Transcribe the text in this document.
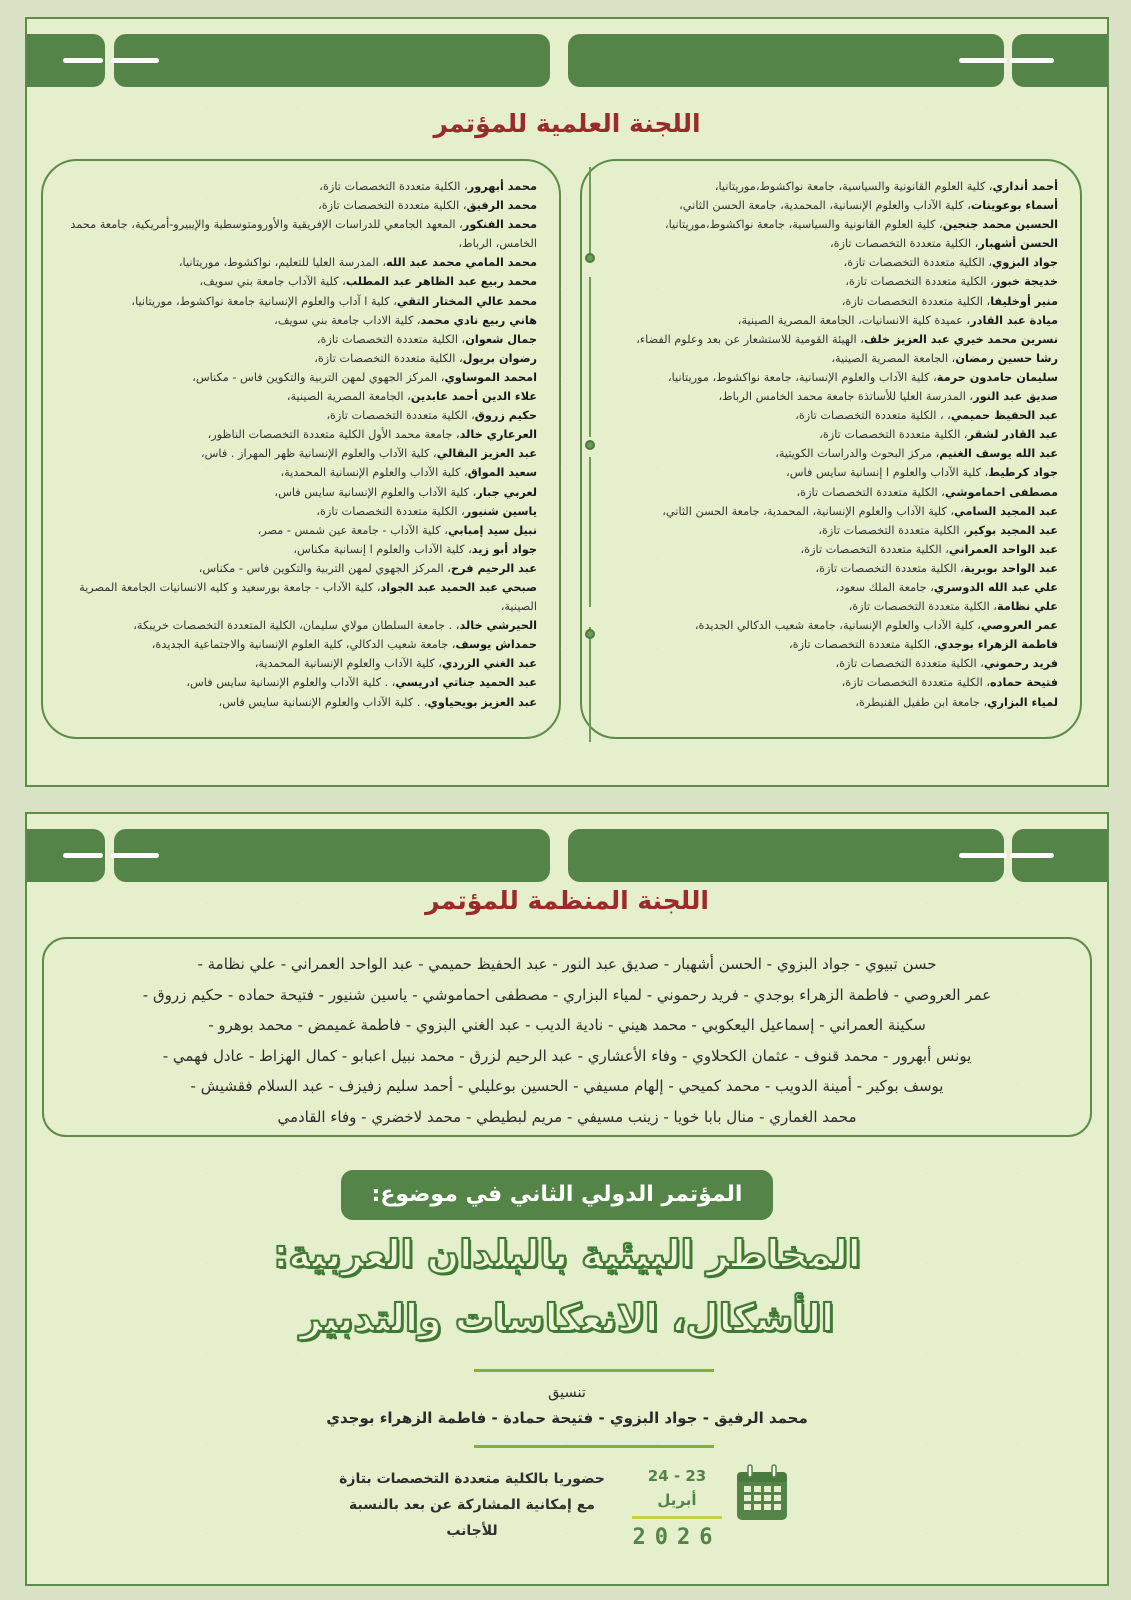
اللجنة العلمية للمؤتمر
أحمد أنداري، كلية العلوم القانونية والسياسية، جامعة نواكشوط،موريتانيا،
أسماء بوعوينات، كلية الآداب والعلوم الإنسانية، المحمدية، جامعة الحسن الثاني،
الحسين محمد جنجين، كلية العلوم القانونية والسياسية، جامعة نواكشوط،موريتانيا،
الحسن أشهبار، الكلية متعددة التخصصات تازة،
جواد البزوي، الكلية متعددة التخصصات تازة،
خديجة خبوز، الكلية متعددة التخصصات تازة،
منير أوخليفا، الكلية متعددة التخصصات تازة،
ميادة عبد القادر، عميدة كلية الانسانيات، الجامعة المصرية الصينية،
نسرين محمد خيري عبد العزيز خلف، الهيئة القومية للاستشعار عن بعد وعلوم الفضاء،
رشا حسين رمضان، الجامعة المصرية الصينية،
سليمان حامدون حرمة، كلية الآداب والعلوم الإنسانية، جامعة نواكشوط، موريتانيا،
صديق عبد النور، المدرسة العليا للأساتذة جامعة محمد الخامس الرباط،
عبد الحفيظ حميمي، ، الكلية متعددة التخصصات تازة،
عبد القادر لشقر، الكلية متعددة التخصصات تازة،
عبد الله يوسف الغنيم، مركز البحوث والدراسات الكويتية،
جواد كرطيط، كلية الآداب والعلوم ا إنسانية سايس فاس،
مصطفى احماموشي، الكلية متعددة التخصصات تازة،
عبد المجيد السامي، كلية الآداب والعلوم الإنسانية، المحمدية، جامعة الحسن الثاني،
عبد المجيد بوكير، الكلية متعددة التخصصات تازة،
عبد الواحد العمراني، الكلية متعددة التخصصات تازة،
عبد الواحد بوبرية، الكلية متعددة التخصصات تازة،
علي عبد الله الدوسري، جامعة الملك سعود،
علي نظامة، الكلية متعددة التخصصات تازة،
عمر العروصي، كلية الآداب والعلوم الإنسانية، جامعة شعيب الدكالي الجديدة،
فاطمة الزهراء بوجدي، الكلية متعددة التخصصات تازة،
فريد رحموني، الكلية متعددة التخصصات تازة،
فتيحة حماده، الكلية متعددة التخصصات تازة،
لمياء البزاري، جامعة ابن طفيل القنيطرة،
محمد أبهرور، الكلية متعددة التخصصات تازة،
محمد الرفيق، الكلية متعددة التخصصات تازة،
محمد الفنكور، المعهد الجامعي للدراسات الإفريقية والأورومتوسطية والإيبيرو-أمريكية، جامعة محمد الخامس، الرباط،
محمد المامي محمد عبد الله، المدرسة العليا للتعليم، نواكشوط، موريتانيا،
محمد ربيع عبد الظاهر عبد المطلب، كلية الآداب جامعة بني سويف،
محمد عالي المختار التقي، كلية ا آداب والعلوم الإنسانية جامعة نواكشوط، موريتانيا،
هاني ربيع نادي محمد، كلية الاداب جامعة بني سويف،
جمال شعوان، الكلية متعددة التخصصات تازة،
رضوان بريول، الكلية متعددة التخصصات تازة،
امحمد الموساوي، المركز الجهوي لمهن التربية والتكوين فاس - مكناس،
علاء الدين أحمد عابدين، الجامعة المصرية الصينية،
حكيم زروق، الكلية متعددة التخصصات تازة،
العرعاري خالد، جامعة محمد الأول الكلية متعددة التخصصات الناظور،
عبد العزيز البقالي، كلية الآداب والعلوم الإنسانية ظهر المهراز . فاس،
سعيد المواق، كلية الآداب والعلوم الإنسانية المحمدية،
لعربي جبار، كلية الآداب والعلوم الإنسانية سايس فاس،
ياسين شنيور، الكلية متعددة التخصصات تازة،
نبيل سيد إمبابي، كلية الآداب - جامعة عين شمس - مصر،
جواد أبو زيد، كلية الآداب والعلوم ا إنسانية مكناس،
عبد الرحيم فرح، المركز الجهوي لمهن التربية والتكوين فاس - مكناس،
صبحي عبد الحميد عبد الجواد، كلية الآداب - جامعة بورسعيد و كليه الانسانيات الجامعة المصرية الصينية،
الحيرشي خالد، . جامعة السلطان مولاي سليمان، الكلية المتعددة التخصصات خريبكة،
حمداش يوسف، جامعة شعيب الدكالي، كلية العلوم الإنسانية والاجتماعية الجديدة،
عبد الغني الزردي، كلية الآداب والعلوم الإنسانية المحمدية،
عبد الحميد جناتي ادريسي، . كلية الآداب والعلوم الإنسانية سايس فاس،
عبد العزيز بويحياوي، . كلية الآداب والعلوم الإنسانية سايس فاس،
اللجنة المنظمة للمؤتمر
حسن تبيوي - جواد البزوي - الحسن أشهبار - صديق عبد النور - عبد الحفيظ حميمي - عبد الواحد العمراني - علي نظامة -
عمر العروصي - فاطمة الزهراء بوجدي - فريد رحموني - لمياء البزاري - مصطفى احماموشي - ياسين شنيور - فتيحة حماده - حكيم زروق -
سكينة العمراني - إسماعيل اليعكوبي - محمد هيني - نادية الديب - عبد الغني البزوي - فاطمة غميمض - محمد بوهرو -
يونس أبهرور - محمد قنوف - عثمان الكحلاوي - وفاء الأعشاري - عبد الرحيم لزرق - محمد نبيل اعبابو - كمال الهزاط - عادل فهمي -
يوسف بوكير - أمينة الدويب - محمد كميحي - إلهام مسيفي - الحسين بوعليلي - أحمد سليم زفيزف - عبد السلام فقشيش -
محمد الغماري - منال بابا خويا - زينب مسيفي - مريم لبطيطي - محمد لاخضري - وفاء القادمي
المؤتمر الدولي الثاني في موضوع:
المخاطر البيئية بالبلدان العربية:
الأشكال، الانعكاسات والتدبير
تنسيق
محمد الرفيق - جواد البزوي - فتيحة حمادة - فاطمة الزهراء بوجدي
حضوريا بالكلية متعددة التخصصات بتازة
مع إمكانية المشاركة عن بعد بالنسبة للأجانب
23 - 24 أبريل
2026
